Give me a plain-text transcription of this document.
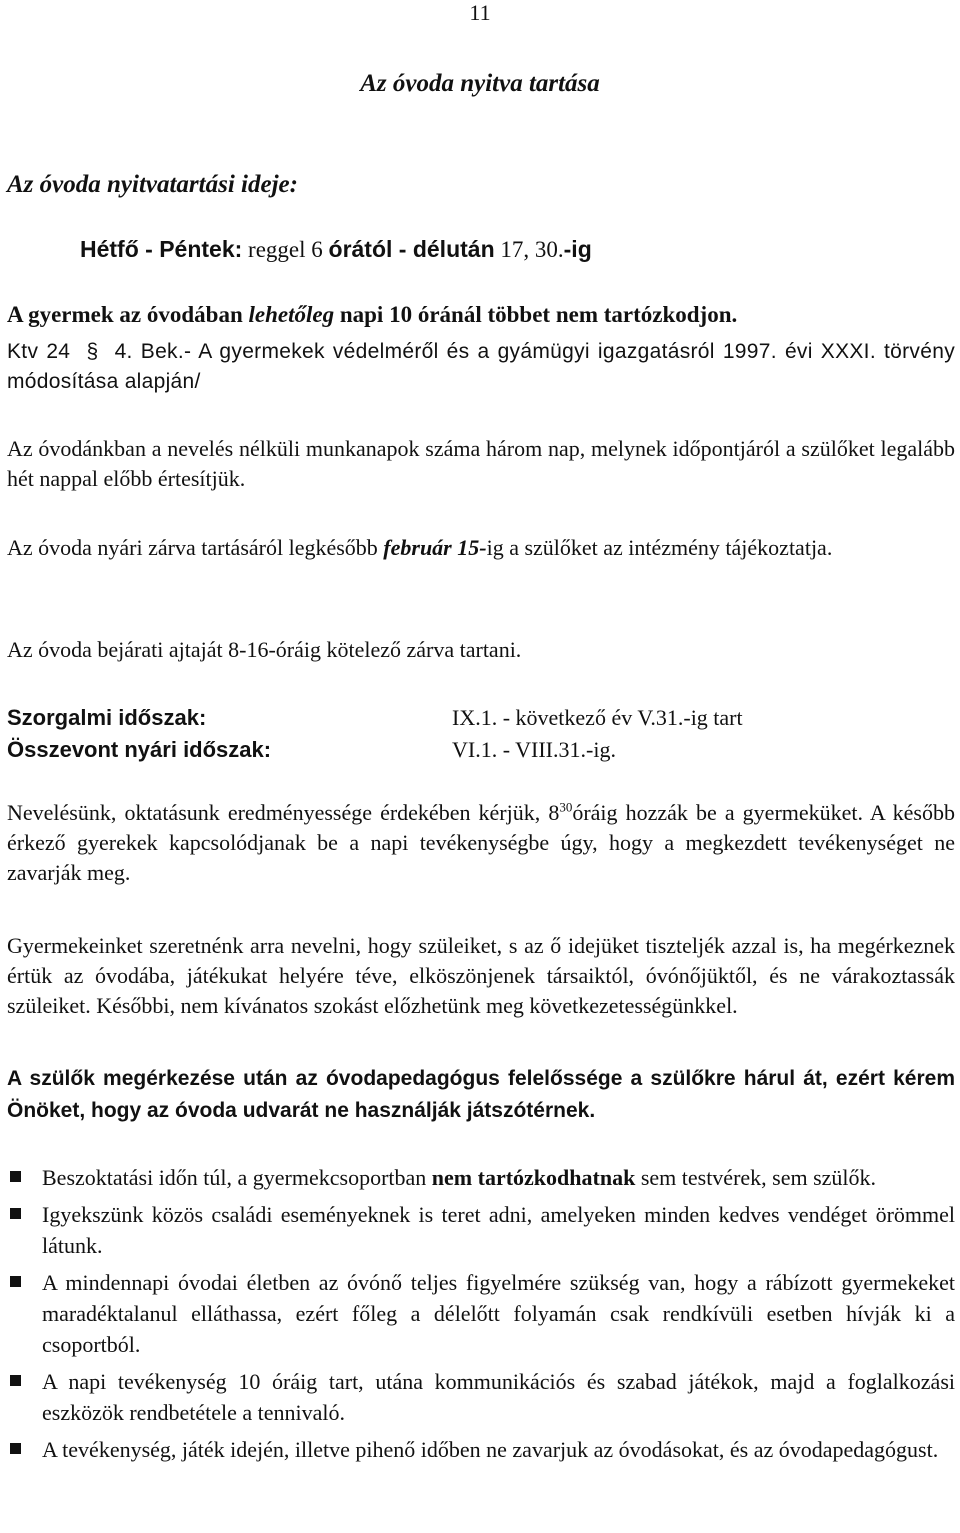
11
Az óvoda nyitva tartása
Az óvoda nyitvatartási ideje:
Hétfő - Péntek: reggel 6 órától - délután 17, 30.-ig
A gyermek az óvodában lehetőleg napi 10 óránál többet nem tartózkodjon.
Ktv 24 § 4. Bek.- A gyermekek védelméről és a gyámügyi igazgatásról 1997. évi XXXI. törvény módosítása alapján/
Az óvodánkban a nevelés nélküli munkanapok száma három nap, melynek időpontjáról a szülőket legalább hét nappal előbb értesítjük.
Az óvoda nyári zárva tartásáról legkésőbb február 15-ig a szülőket az intézmény tájékoztatja.
Az óvoda bejárati ajtaját 8-16-óráig kötelező zárva tartani.
Szorgalmi időszak:	IX.1. - következő év V.31.-ig tart
Összevont nyári időszak:	VI.1. - VIII.31.-ig.
Nevelésünk, oktatásunk eredményessége érdekében kérjük, $8^{30}óráig$ hozzák be a gyermeküket. A később érkező gyerekek kapcsolódjanak be a napi tevékenységbe úgy, hogy a megkezdett tevékenységet ne zavarják meg.
Gyermekeinket szeretnénk arra nevelni, hogy szüleiket, s az ő idejüket tiszteljék azzal is, ha megérkeznek értük az óvodába, játékukat helyére téve, elköszönjenek társaiktól, óvónőjüktől, és ne várakoztassák szüleiket. Későbbi, nem kívánatos szokást előzhetünk meg következetességünkkel.
A szülők megérkezése után az óvodapedagógus felelőssége a szülőkre hárul át, ezért kérem Önöket, hogy az óvoda udvarát ne használják játszótérnek.
Beszoktatási időn túl, a gyermekcsoportban nem tartózkodhatnak sem testvérek, sem szülők.
Igyekszünk közös családi eseményeknek is teret adni, amelyeken minden kedves vendéget örömmel látunk.
A mindennapi óvodai életben az óvónő teljes figyelmére szükség van, hogy a rábízott gyermekeket maradéktalanul elláthassa, ezért főleg a délelőtt folyamán csak rendkívüli esetben hívják ki a csoportból.
A napi tevékenység 10 óráig tart, utána kommunikációs és szabad játékok, majd a foglalkozási eszközök rendbetétele a tennivaló.
A tevékenység, játék idején, illetve pihenő időben ne zavarjuk az óvodásokat, és az óvodapedagógust.
